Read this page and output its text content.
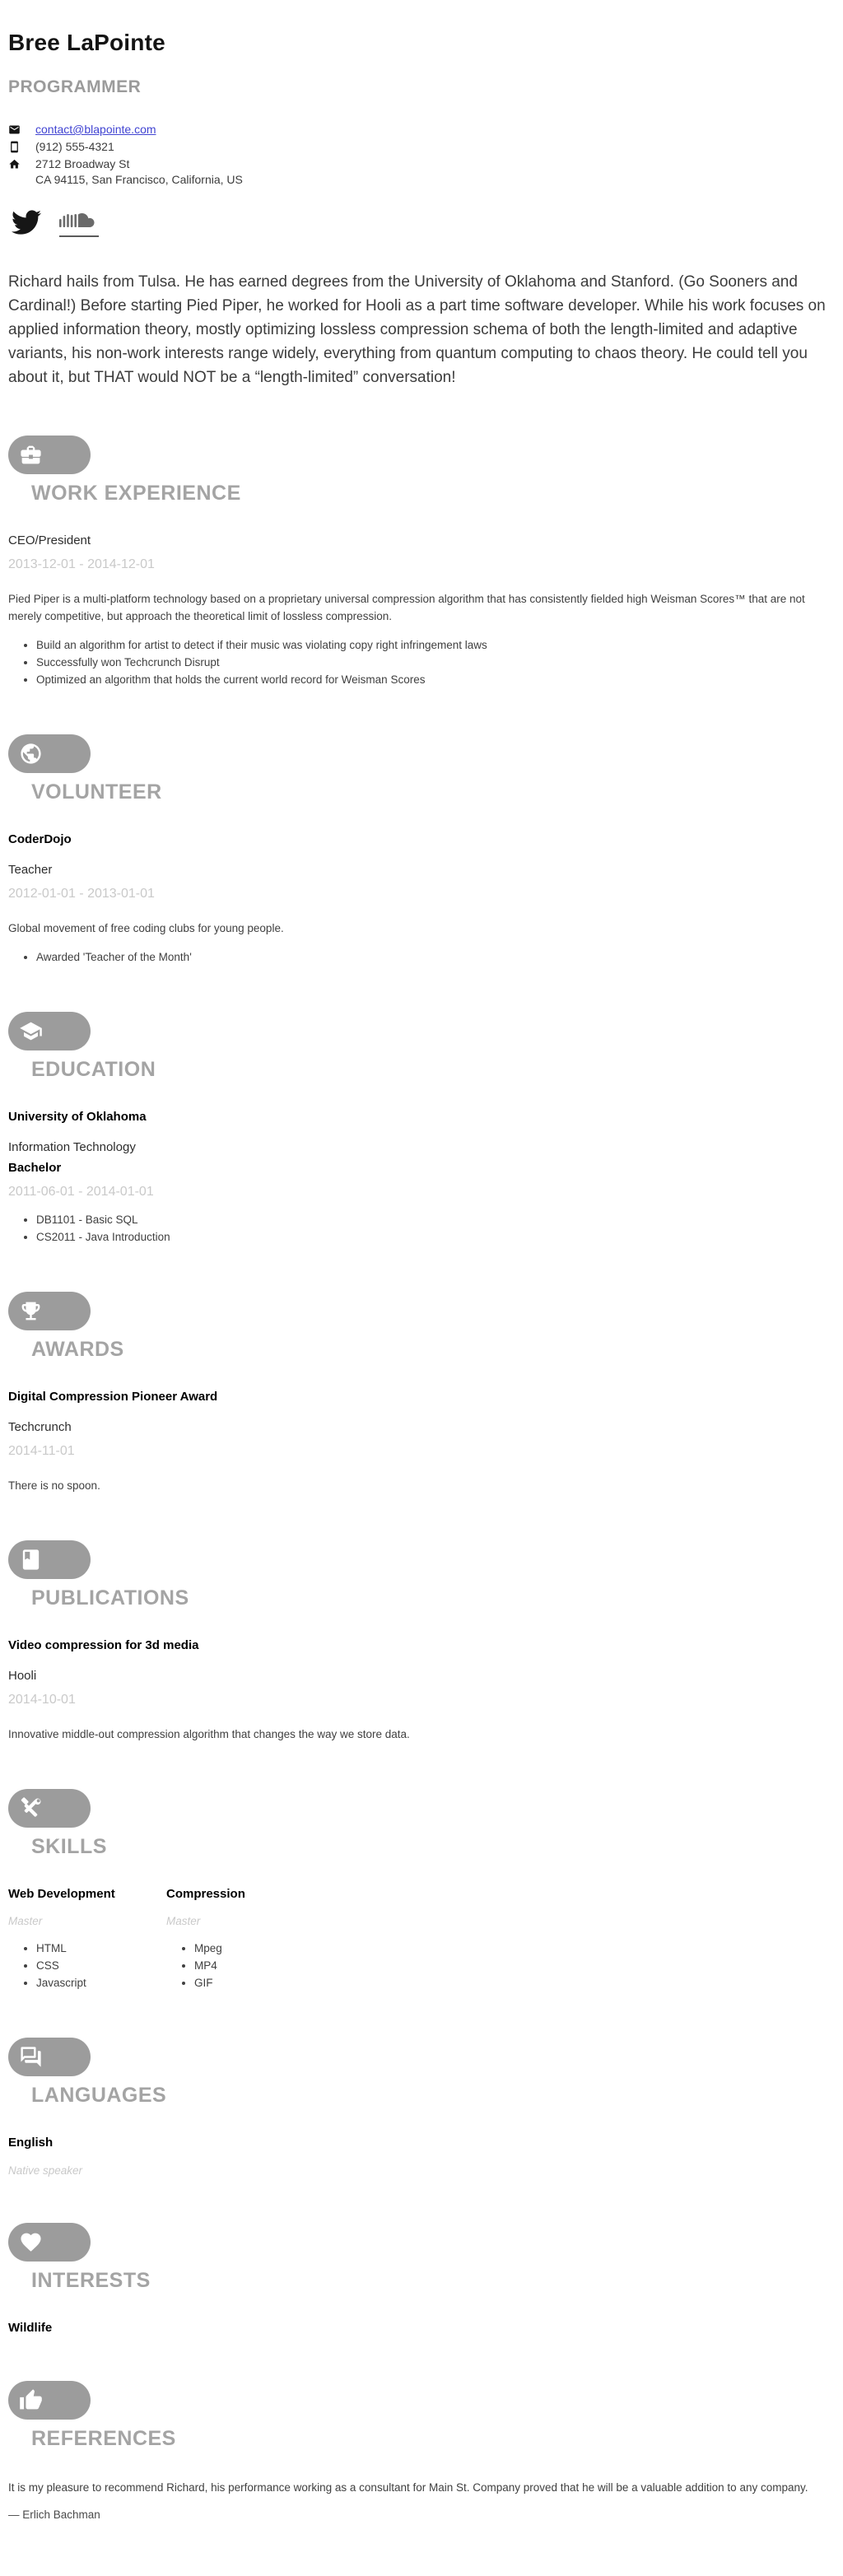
Bree LaPointe
PROGRAMMER
contact@blapointe.com
(912) 555-4321
2712 Broadway St
CA 94115, San Francisco, California, US

Richard hails from Tulsa. He has earned degrees from the University of Oklahoma and Stanford. (Go Sooners and Cardinal!) Before starting Pied Piper, he worked for Hooli as a part time software developer. While his work focuses on applied information theory, mostly optimizing lossless compression schema of both the length-limited and adaptive variants, his non-work interests range widely, everything from quantum computing to chaos theory. He could tell you about it, but THAT would NOT be a “length-limited” conversation!

WORK EXPERIENCE
CEO/President
2013-12-01 - 2014-12-01

Pied Piper is a multi-platform technology based on a proprietary universal compression algorithm that has consistently fielded high Weisman Scores™ that are not merely competitive, but approach the theoretical limit of lossless compression.

• Build an algorithm for artist to detect if their music was violating copy right infringement laws
• Successfully won Techcrunch Disrupt
• Optimized an algorithm that holds the current world record for Weisman Scores
VOLUNTEER
CoderDojo
Teacher
2012-01-01 - 2013-01-01

Global movement of free coding clubs for young people.

• Awarded 'Teacher of the Month'
EDUCATION
University of Oklahoma
Information Technology
Bachelor
2011-06-01 - 2014-01-01
• DB1101 - Basic SQL
• CS2011 - Java Introduction
AWARDS
Digital Compression Pioneer Award
Techcrunch
2014-11-01

There is no spoon.

PUBLICATIONS
Video compression for 3d media
Hooli
2014-10-01

Innovative middle-out compression algorithm that changes the way we store data.

SKILLS
Web Development
Master
• HTML
• CSS
• Javascript
Compression
Master
• Mpeg
• MP4
• GIF
LANGUAGES
English
Native speaker
INTERESTS
Wildlife
REFERENCES

It is my pleasure to recommend Richard, his performance working as a consultant for Main St. Company proved that he will be a valuable addition to any company.

— Erlich Bachman
